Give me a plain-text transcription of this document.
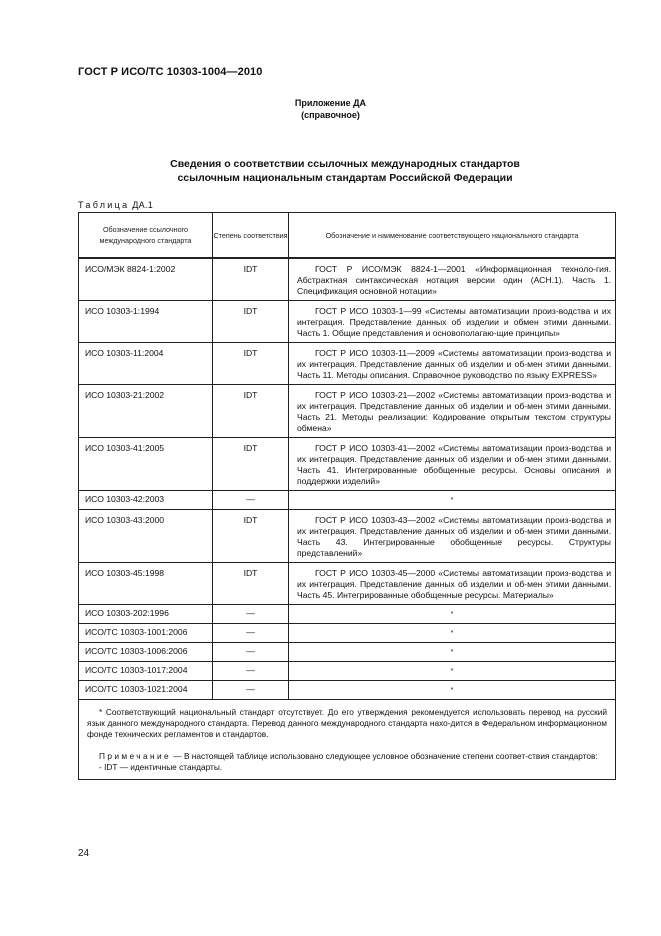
ГОСТ Р ИСО/ТС 10303-1004—2010
Приложение ДА
(справочное)
Сведения о соответствии ссылочных международных стандартов
ссылочным национальным стандартам Российской Федерации
Таблица ДА.1
Обозначение ссылочного международного стандарта	Степень соответствия	Обозначение и наименование соответствующего национального стандарта
ИСО/МЭК 8824-1:2002	IDT	ГОСТ Р ИСО/МЭК 8824-1—2001 «Информационная техноло-гия. Абстрактная синтаксическая нотация версии один (АСН.1). Часть 1. Спецификация основной нотации»
ИСО 10303-1:1994	IDT	ГОСТ Р ИСО 10303-1—99 «Системы автоматизации произ-водства и их интеграция. Представление данных об изделии и обмен этими данными. Часть 1. Общие представления и основополагаю-щие принципы»
ИСО 10303-11:2004	IDT	ГОСТ Р ИСО 10303-11—2009 «Системы автоматизации произ-водства и их интеграция. Представление данных об изделии и об-мен этими данными. Часть 11. Методы описания. Справочное руководство по языку EXPRESS»
ИСО 10303-21:2002	IDT	ГОСТ Р ИСО 10303-21—2002 «Системы автоматизации произ-водства и их интеграция. Представление данных об изделии и об-мен этими данными. Часть 21. Методы реализации: Кодирование открытым текстом структуры обмена»
ИСО 10303-41:2005	IDT	ГОСТ Р ИСО 10303-41—2002 «Системы автоматизации произ-водства и их интеграция. Представление данных об изделии и об-мен этими данными. Часть 41. Интегрированные обобщенные ресурсы. Основы описания и поддержки изделий»
ИСО 10303-42:2003	—	*
ИСО 10303-43:2000	IDT	ГОСТ Р ИСО 10303-43—2002 «Системы автоматизации произ-водства и их интеграция. Представление данных об изделии и об-мен этими данными. Часть 43. Интегрированные обобщенные ресурсы. Структуры представлений»
ИСО 10303-45:1998	IDT	ГОСТ Р ИСО 10303-45—2000 «Системы автоматизации произ-водства и их интеграция. Представление данных об изделии и об-мен этими данными. Часть 45. Интегрированные обобщенные ресурсы. Материалы»
ИСО 10303-202:1996	—	*
ИСО/ТС 10303-1001:2006	—	*
ИСО/ТС 10303-1006:2006	—	*
ИСО/ТС 10303-1017:2004	—	*
ИСО/ТС 10303-1021:2004	—	*

* Соответствующий национальный стандарт отсутствует. До его утверждения рекомендуется использовать перевод на русский язык данного международного стандарта. Перевод данного международного стандарта нахо-дится в Федеральном информационном фонде технических регламентов и стандартов.

Примечание — В настоящей таблице использовано следующее условное обозначение степени соответ-ствия стандартов:

- IDT — идентичные стандарты.		

24
